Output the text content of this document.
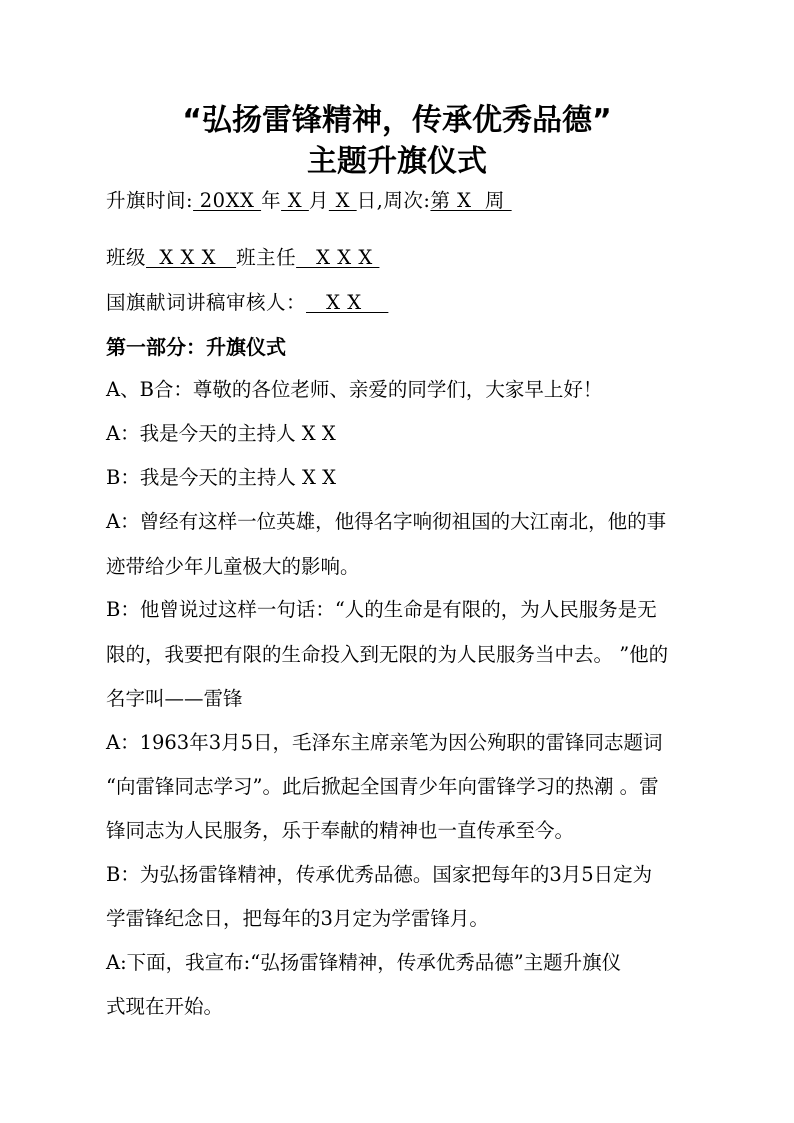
“弘扬雷锋精神，传承优秀品德”
主题升旗仪式
升旗时间: 20XX 年 X 月 X 日,周次:第 X  周
班级  X X X   班主任   X X X
国旗献词讲稿审核人：   X X
第一部分：升旗仪式
A、B合：尊敬的各位老师、亲爱的同学们，大家早上好！
A：我是今天的主持人 X X
B：我是今天的主持人 X X
A：曾经有这样一位英雄，他得名字响彻祖国的大江南北，他的事
迹带给少年儿童极大的影响。
B：他曾说过这样一句话：“人的生命是有限的，为人民服务是无
限的，我要把有限的生命投入到无限的为人民服务当中去。 ”他的
名字叫——雷锋
A：1963年3月5日，毛泽东主席亲笔为因公殉职的雷锋同志题词
“向雷锋同志学习”。此后掀起全国青少年向雷锋学习的热潮 。雷
锋同志为人民服务，乐于奉献的精神也一直传承至今。
B：为弘扬雷锋精神，传承优秀品德。国家把每年的3月5日定为
学雷锋纪念日，把每年的3月定为学雷锋月。
A:下面，我宣布:“弘扬雷锋精神，传承优秀品德”主题升旗仪
式现在开始。
